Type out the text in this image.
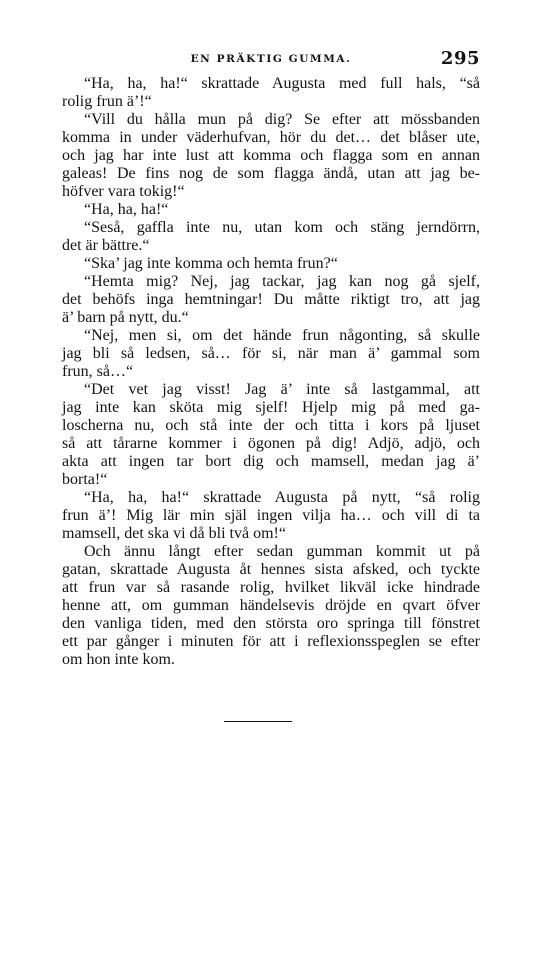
EN PRÄKTIG GUMMA.	295
“Ha, ha, ha!“ skrattade Augusta med full hals, “så
rolig frun ä’!“
“Vill du hålla mun på dig? Se efter att mössbanden
komma in under väderhufvan, hör du det… det blåser ute,
och jag har inte lust att komma och flagga som en annan
galeas! De fins nog de som flagga ändå, utan att jag be-
höfver vara tokig!“
“Ha, ha, ha!“
“Seså, gaffla inte nu, utan kom och stäng jerndörrn,
det är bättre.“
“Ska’ jag inte komma och hemta frun?“
“Hemta mig? Nej, jag tackar, jag kan nog gå sjelf,
det behöfs inga hemtningar! Du måtte riktigt tro, att jag
ä’ barn på nytt, du.“
“Nej, men si, om det hände frun någonting, så skulle
jag bli så ledsen, så… för si, när man ä’ gammal som
frun, så…“
“Det vet jag visst! Jag ä’ inte så lastgammal, att
jag inte kan sköta mig sjelf! Hjelp mig på med ga-
loscherna nu, och stå inte der och titta i kors på ljuset
så att tårarne kommer i ögonen på dig! Adjö, adjö, och
akta att ingen tar bort dig och mamsell, medan jag ä’
borta!“
“Ha, ha, ha!“ skrattade Augusta på nytt, “så rolig
frun ä’! Mig lär min själ ingen vilja ha… och vill di ta
mamsell, det ska vi då bli två om!“
Och ännu långt efter sedan gumman kommit ut på
gatan, skrattade Augusta åt hennes sista afsked, och tyckte
att frun var så rasande rolig, hvilket likväl icke hindrade
henne att, om gumman händelsevis dröjde en qvart öfver
den vanliga tiden, med den största oro springa till fönstret
ett par gånger i minuten för att i reflexionsspeglen se efter
om hon inte kom.
